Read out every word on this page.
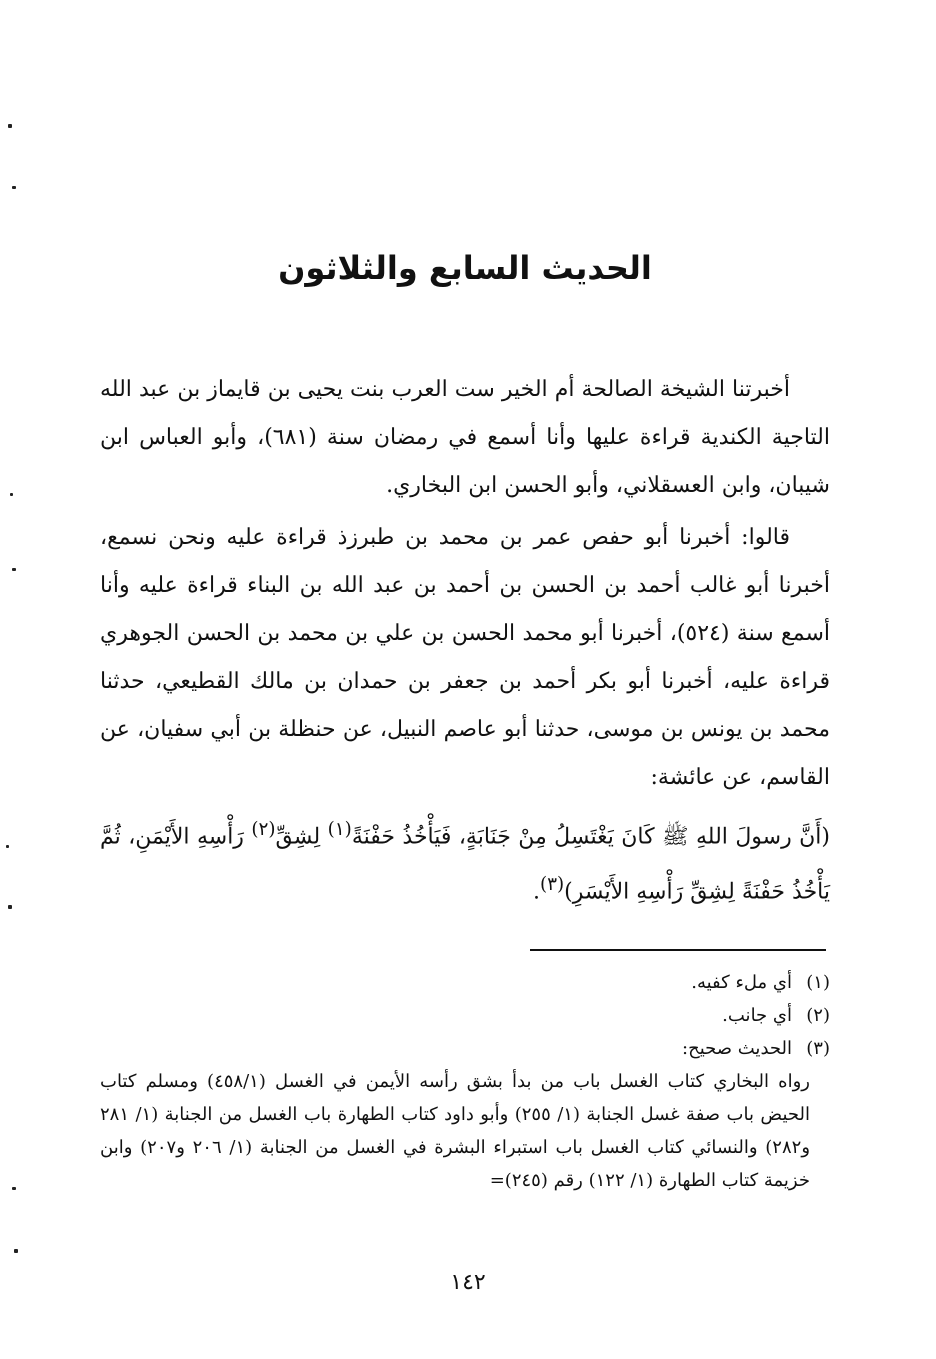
الحديث السابع والثلاثون

أخبرتنا الشيخة الصالحة أم الخير ست العرب بنت يحيى بن قايماز بن عبد الله التاجية الكندية قراءة عليها وأنا أسمع في رمضان سنة (٦٨١)، وأبو العباس ابن شيبان، وابن العسقلاني، وأبو الحسن ابن البخاري.

قالوا: أخبرنا أبو حفص عمر بن محمد بن طبرزذ قراءة عليه ونحن نسمع، أخبرنا أبو غالب أحمد بن الحسن بن أحمد بن عبد الله بن البناء قراءة عليه وأنا أسمع سنة (٥٢٤)، أخبرنا أبو محمد الحسن بن علي بن محمد بن الحسن الجوهري قراءة عليه، أخبرنا أبو بكر أحمد بن جعفر بن حمدان بن مالك القطيعي، حدثنا محمد بن يونس بن موسى، حدثنا أبو عاصم النبيل، عن حنظلة بن أبي سفيان، عن القاسم، عن عائشة:

(أَنَّ رسولَ اللهِ ﷺ كَانَ يَغْتَسِلُ مِنْ جَنَابَةٍ، فَيَأْخُذُ حَفْنَةً$^{(١)}$ لِشِقِّ$^{(٢)}$ رَأْسِهِ الأَيْمَنِ، ثُمَّ يَأْخُذُ حَفْنَةً لِشِقِّ رَأْسِهِ الأَيْسَرِ)$^{(٣)}$.

(١)
أي ملء كفيه.
(٢)
أي جانب.
(٣)
الحديث صحيح:
رواه البخاري كتاب الغسل باب من بدأ بشق رأسه الأيمن في الغسل (٤٥٨/١) ومسلم كتاب الحيض باب صفة غسل الجنابة (١/ ٢٥٥) وأبو داود كتاب الطهارة باب الغسل من الجنابة (١/ ٢٨١ و٢٨٢) والنسائي كتاب الغسل باب استبراء البشرة في الغسل من الجنابة (١/ ٢٠٦ و٢٠٧) وابن خزيمة كتاب الطهارة (١/ ١٢٢) رقم (٢٤٥)=
١٤٢
